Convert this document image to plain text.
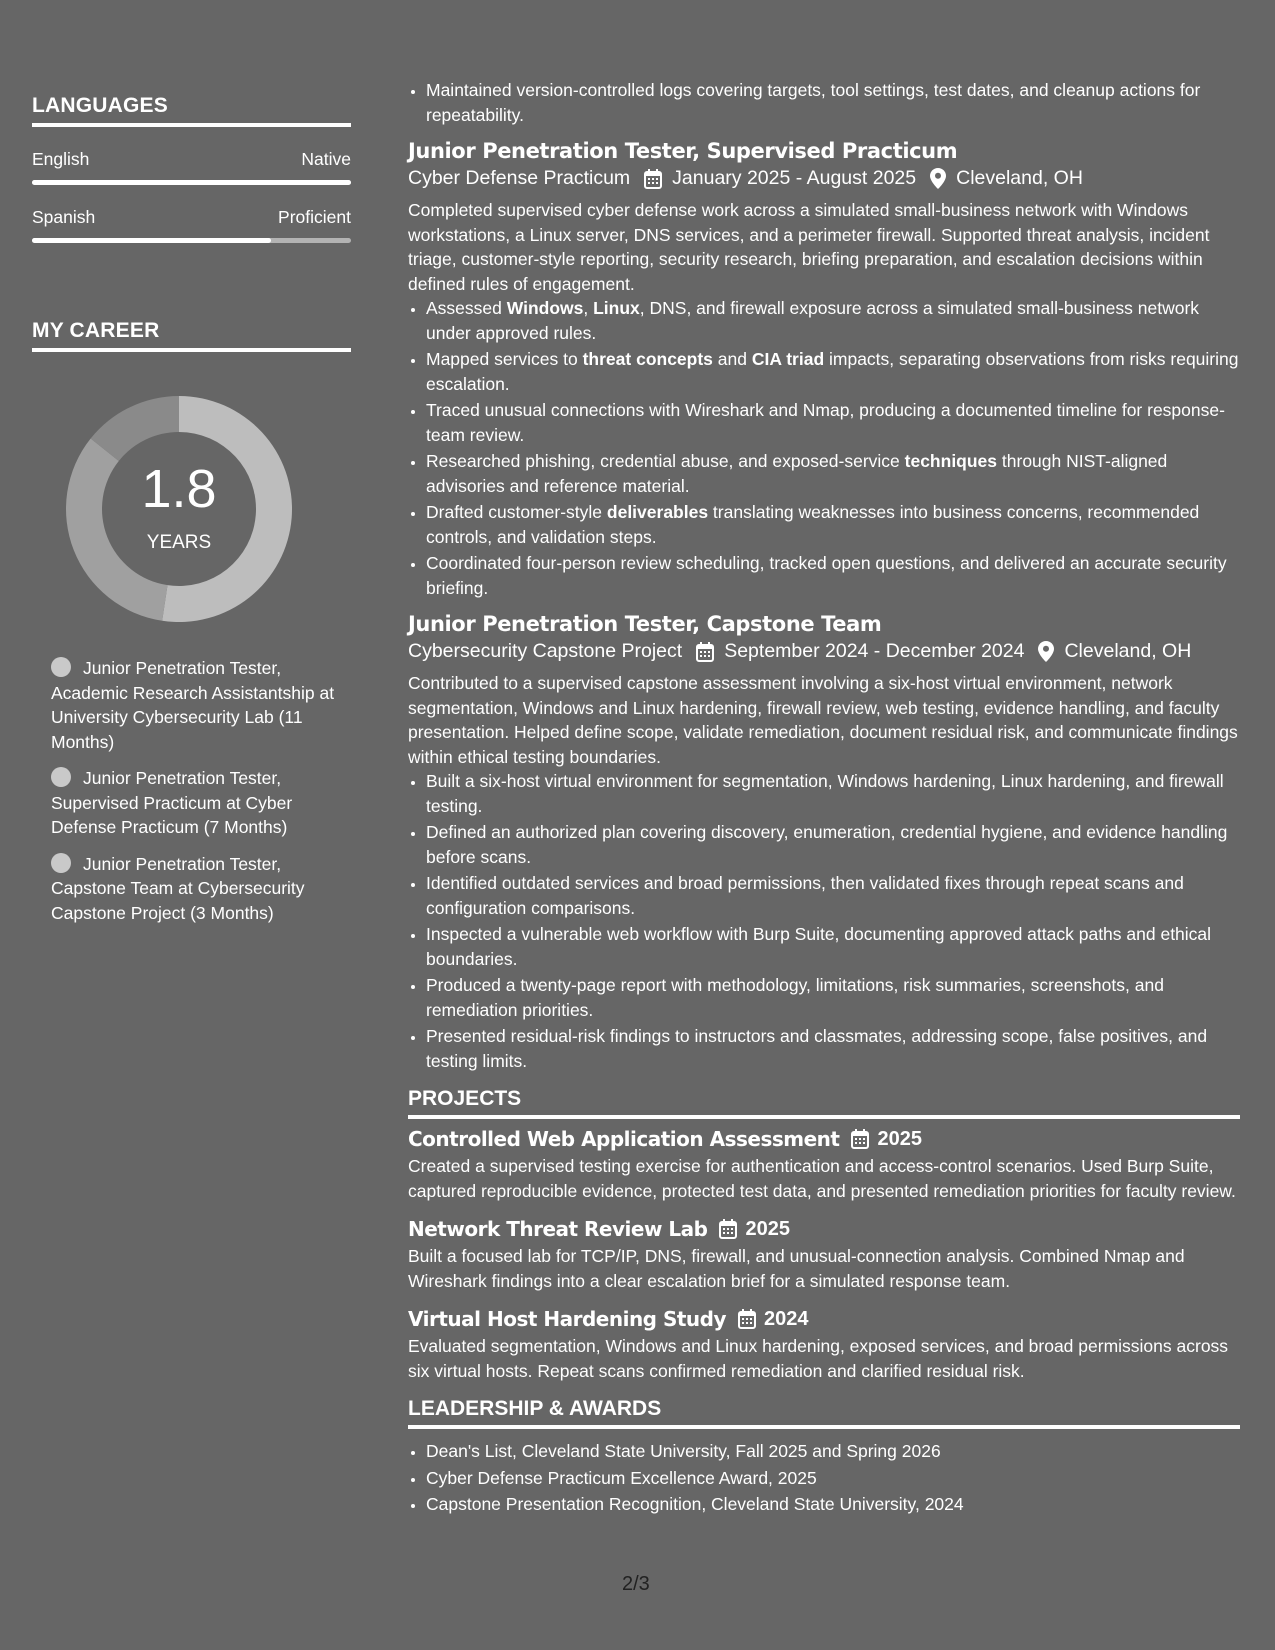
LANGUAGES
English	Native
Spanish	Proficient
MY CAREER
1.8
YEARS
Junior Penetration Tester, Academic Research Assistantship at University Cybersecurity Lab (11 Months)
Junior Penetration Tester, Supervised Practicum at Cyber Defense Practicum (7 Months)
Junior Penetration Tester, Capstone Team at Cybersecurity Capstone Project (3 Months)
• Maintained version-controlled logs covering targets, tool settings, test dates, and cleanup actions for repeatability.
Junior Penetration Tester, Supervised Practicum
Cyber Defense Practicum January 2025 - August 2025 Cleveland, OH

Completed supervised cyber defense work across a simulated small-business network with Windows workstations, a Linux server, DNS services, and a perimeter firewall. Supported threat analysis, incident triage, customer-style reporting, security research, briefing preparation, and escalation decisions within defined rules of engagement.

• Assessed Windows, Linux, DNS, and firewall exposure across a simulated small-business network under approved rules.
• Mapped services to threat concepts and CIA triad impacts, separating observations from risks requiring escalation.
• Traced unusual connections with Wireshark and Nmap, producing a documented timeline for response-team review.
• Researched phishing, credential abuse, and exposed-service techniques through NIST-aligned advisories and reference material.
• Drafted customer-style deliverables translating weaknesses into business concerns, recommended controls, and validation steps.
• Coordinated four-person review scheduling, tracked open questions, and delivered an accurate security briefing.
Junior Penetration Tester, Capstone Team
Cybersecurity Capstone Project September 2024 - December 2024 Cleveland, OH

Contributed to a supervised capstone assessment involving a six-host virtual environment, network segmentation, Windows and Linux hardening, firewall review, web testing, evidence handling, and faculty presentation. Helped define scope, validate remediation, document residual risk, and communicate findings within ethical testing boundaries.

• Built a six-host virtual environment for segmentation, Windows hardening, Linux hardening, and firewall testing.
• Defined an authorized plan covering discovery, enumeration, credential hygiene, and evidence handling before scans.
• Identified outdated services and broad permissions, then validated fixes through repeat scans and configuration comparisons.
• Inspected a vulnerable web workflow with Burp Suite, documenting approved attack paths and ethical boundaries.
• Produced a twenty-page report with methodology, limitations, risk summaries, screenshots, and remediation priorities.
• Presented residual-risk findings to instructors and classmates, addressing scope, false positives, and testing limits.
PROJECTS
Controlled Web Application Assessment 2025

Created a supervised testing exercise for authentication and access-control scenarios. Used Burp Suite, captured reproducible evidence, protected test data, and presented remediation priorities for faculty review.

Network Threat Review Lab 2025

Built a focused lab for TCP/IP, DNS, firewall, and unusual-connection analysis. Combined Nmap and Wireshark findings into a clear escalation brief for a simulated response team.

Virtual Host Hardening Study 2024

Evaluated segmentation, Windows and Linux hardening, exposed services, and broad permissions across six virtual hosts. Repeat scans confirmed remediation and clarified residual risk.

LEADERSHIP & AWARDS
• Dean's List, Cleveland State University, Fall 2025 and Spring 2026
• Cyber Defense Practicum Excellence Award, 2025
• Capstone Presentation Recognition, Cleveland State University, 2024
2/3
